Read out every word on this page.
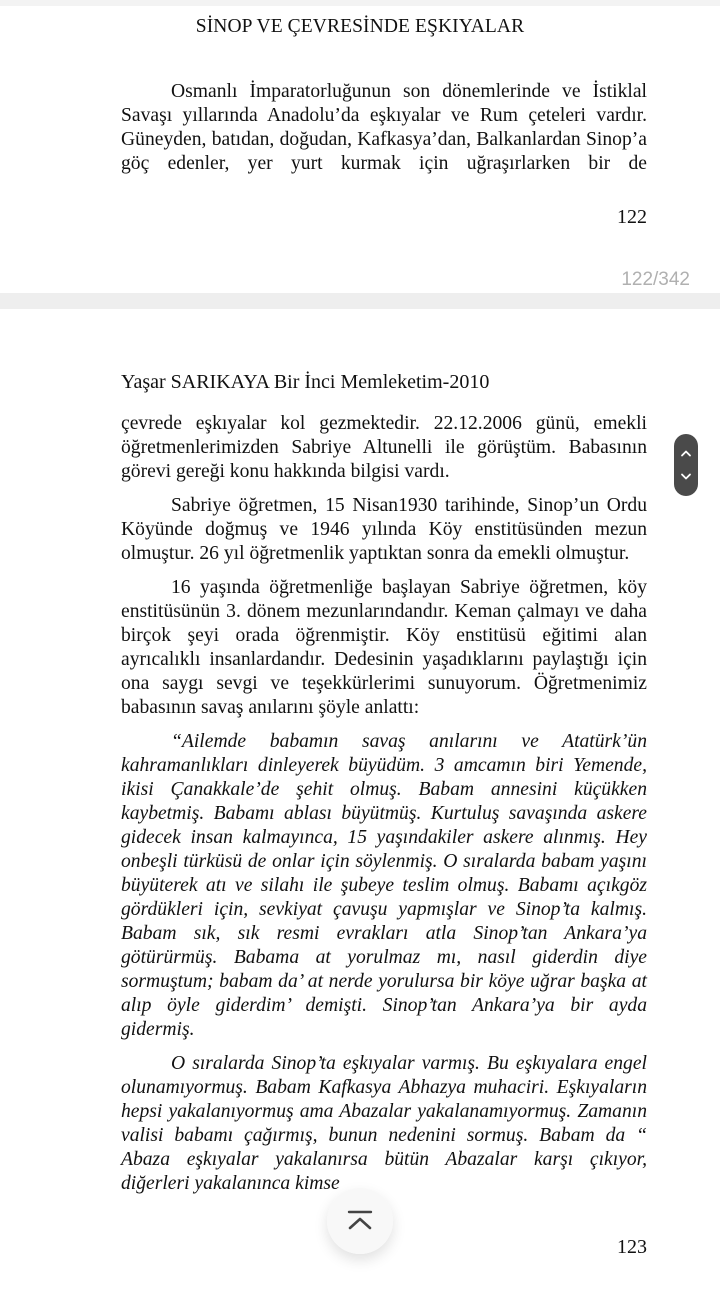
SİNOP VE ÇEVRESİNDE EŞKIYALAR

Osmanlı İmparatorluğunun son dönemlerinde ve İstiklal Savaşı yıllarında Anadolu’da eşkıyalar ve Rum çeteleri vardır. Güneyden, batıdan, doğudan, Kafkasya’dan, Balkanlardan Sinop’a göç edenler, yer yurt kurmak için uğraşırlarken bir de

122
122/342
Yaşar SARIKAYA Bir İnci Memleketim-2010

çevrede eşkıyalar kol gezmektedir. 22.12.2006 günü, emekli öğretmenlerimizden Sabriye Altunelli ile görüştüm. Babasının görevi gereği konu hakkında bilgisi vardı.

Sabriye öğretmen, 15 Nisan1930 tarihinde, Sinop’un Ordu Köyünde doğmuş ve 1946 yılında Köy enstitüsünden mezun olmuştur. 26 yıl öğretmenlik yaptıktan sonra da emekli olmuştur.

16 yaşında öğretmenliğe başlayan Sabriye öğretmen, köy enstitüsünün 3. dönem mezunlarındandır. Keman çalmayı ve daha birçok şeyi orada öğrenmiştir. Köy enstitüsü eğitimi alan ayrıcalıklı insanlardandır. Dedesinin yaşadıklarını paylaştığı için ona saygı sevgi ve teşekkürlerimi sunuyorum. Öğretmenimiz babasının savaş anılarını şöyle anlattı:

“Ailemde babamın savaş anılarını ve Atatürk’ün kahramanlıkları dinleyerek büyüdüm. 3 amcamın biri Yemende, ikisi Çanakkale’de şehit olmuş. Babam annesini küçükken kaybetmiş. Babamı ablası büyütmüş. Kurtuluş savaşında askere gidecek insan kalmayınca, 15 yaşındakiler askere alınmış. Hey onbeşli türküsü de onlar için söylenmiş. O sıralarda babam yaşını büyüterek atı ve silahı ile şubeye teslim olmuş. Babamı açıkgöz gördükleri için, sevkiyat çavuşu yapmışlar ve Sinop’ta kalmış. Babam sık, sık resmi evrakları atla Sinop’tan Ankara’ya götürürmüş. Babama at yorulmaz mı, nasıl giderdin diye sormuştum; babam da’ at nerde yorulursa bir köye uğrar başka at alıp öyle giderdim’ demişti. Sinop’tan Ankara’ya bir ayda gidermiş.

O sıralarda Sinop’ta eşkıyalar varmış. Bu eşkıyalara engel olunamıyormuş. Babam Kafkasya Abhazya muhaciri. Eşkıyaların hepsi yakalanıyormuş ama Abazalar yakalanamıyormuş. Zamanın valisi babamı çağırmış, bunun nedenini sormuş. Babam da “ Abaza eşkıyalar yakalanırsa bütün Abazalar karşı çıkıyor, diğerleri yakalanınca kimse

123
